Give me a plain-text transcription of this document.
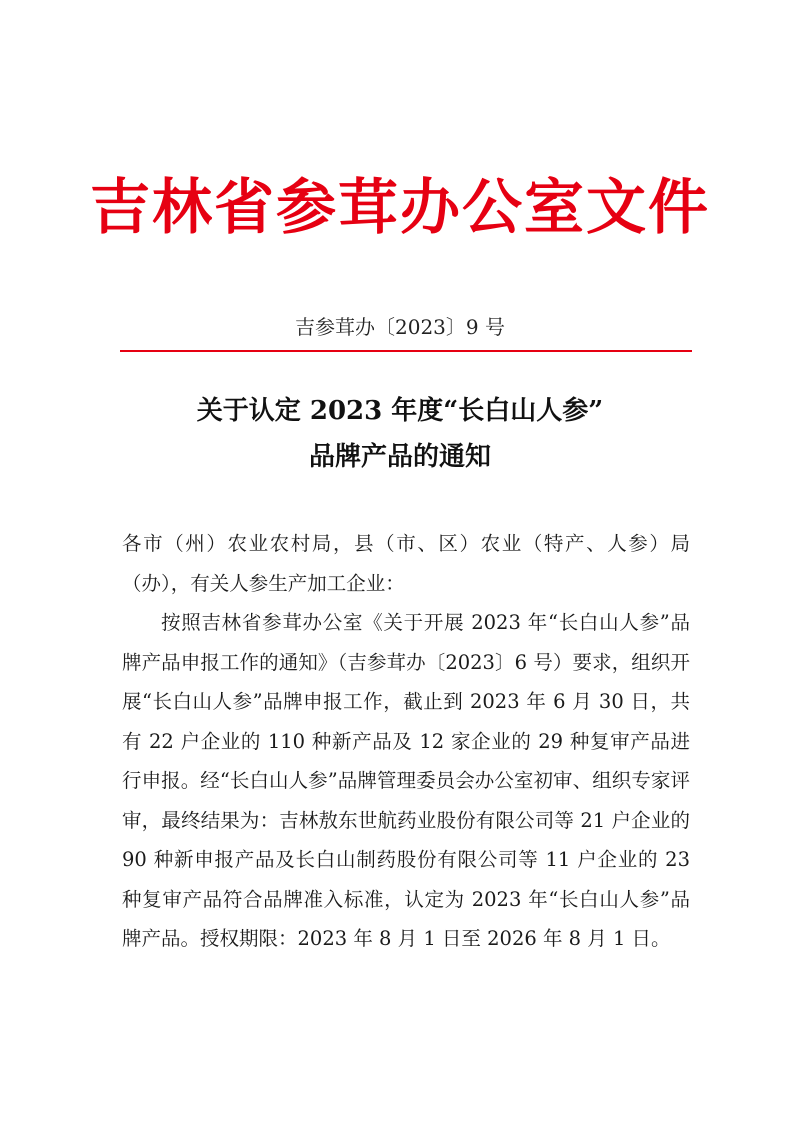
吉林省参茸办公室文件
吉参茸办〔2023〕9 号
关于认定 2023 年度“长白山人参”
品牌产品的通知

各市（州）农业农村局，县（市、区）农业（特产、人参）局（办），有关人参生产加工企业：

按照吉林省参茸办公室《关于开展 2023 年“长白山人参”品牌产品申报工作的通知》（吉参茸办〔2023〕6 号）要求，组织开展“长白山人参”品牌申报工作，截止到 2023 年 6 月 30 日，共有 22 户企业的 110 种新产品及 12 家企业的 29 种复审产品进行申报。经“长白山人参”品牌管理委员会办公室初审、组织专家评审，最终结果为：吉林敖东世航药业股份有限公司等 21 户企业的 90 种新申报产品及长白山制药股份有限公司等 11 户企业的 23 种复审产品符合品牌准入标准，认定为 2023 年“长白山人参”品牌产品。授权期限：2023 年 8 月 1 日至 2026 年 8 月 1 日。
